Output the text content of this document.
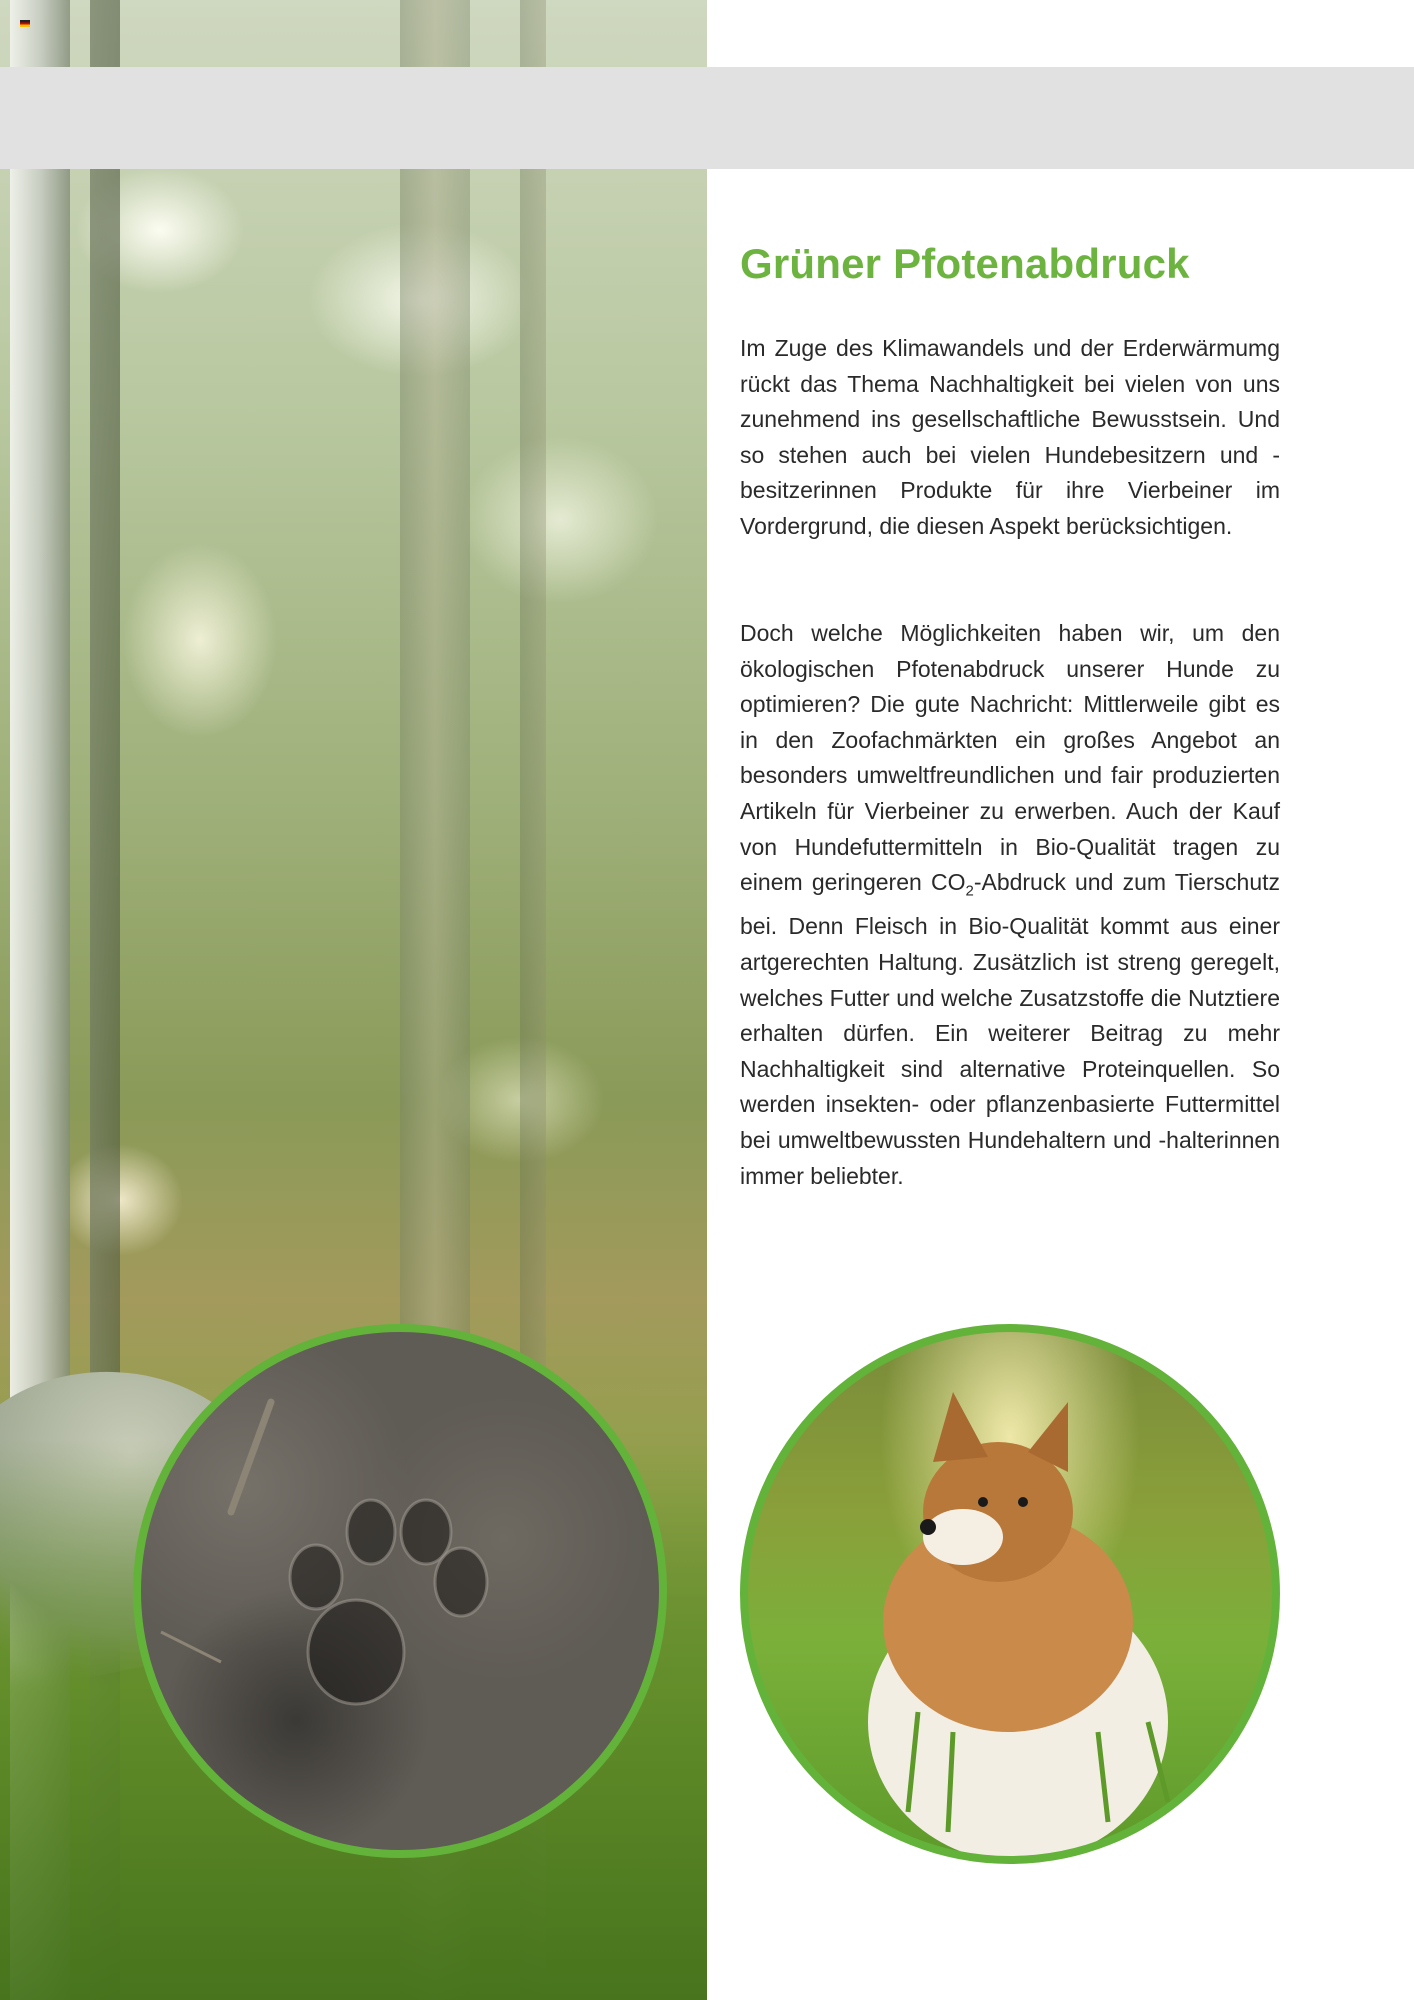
Grüner Pfotenabdruck

Im Zuge des Klimawandels und der Erderwärmumg rückt das Thema Nachhaltigkeit bei vielen von uns zunehmend ins gesellschaftliche Bewusstsein. Und so stehen auch bei vielen Hundebesitzern und -besitzerinnen Produkte für ihre Vierbeiner im Vordergrund, die diesen Aspekt berücksichtigen.

Doch welche Möglichkeiten haben wir, um den ökologischen Pfotenabdruck unserer Hunde zu optimieren? Die gute Nachricht: Mittlerweile gibt es in den Zoofachmärkten ein großes Angebot an besonders umweltfreundlichen und fair produzierten Artikeln für Vierbeiner zu erwerben. Auch der Kauf von Hundefuttermitteln in Bio-Qualität tragen zu einem geringeren $CO_2$-Abdruck und zum Tierschutz bei. Denn Fleisch in Bio-Qualität kommt aus einer artgerechten Haltung. Zusätzlich ist streng geregelt, welches Futter und welche Zusatzstoffe die Nutztiere erhalten dürfen. Ein weiterer Beitrag zu mehr Nachhaltigkeit sind alternative Proteinquellen. So werden insekten- oder pflanzenbasierte Futtermittel bei umweltbewussten Hundehaltern und -halterinnen immer beliebter.
